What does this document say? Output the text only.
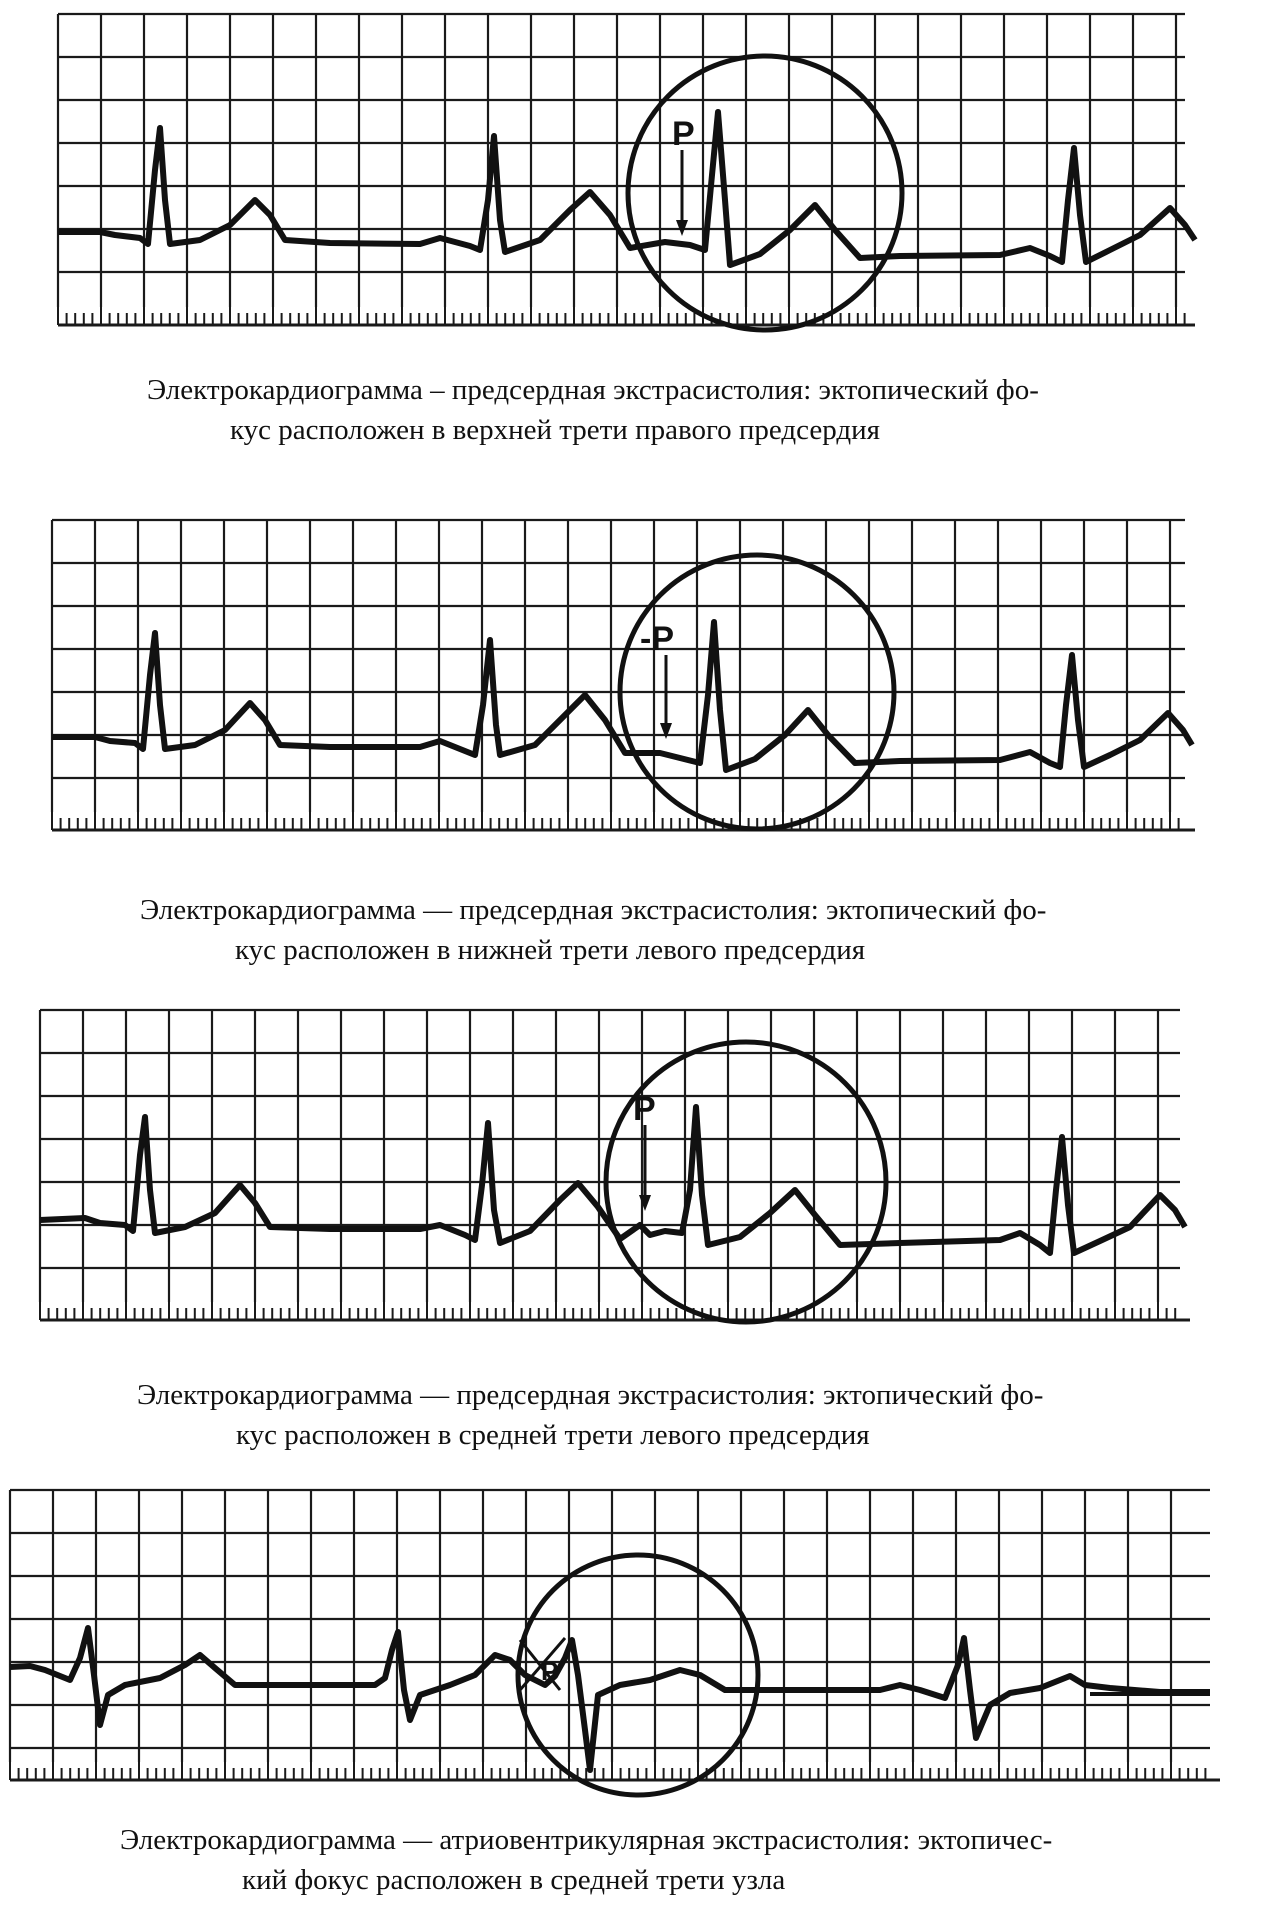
P
Электрокардиограмма – предсердная экстрасистолия: эктопический фо-
кус расположен в верхней трети правого предсердия
-P
Электрокардиограмма — предсердная экстрасистолия: эктопический фо-
кус расположен в нижней трети левого предсердия
P
Электрокардиограмма — предсердная экстрасистолия: эктопический фо-
кус расположен в средней трети левого предсердия
P
Электрокардиограмма — атриовентрикулярная экстрасистолия: эктопичес-
кий фокус расположен в средней трети узла
